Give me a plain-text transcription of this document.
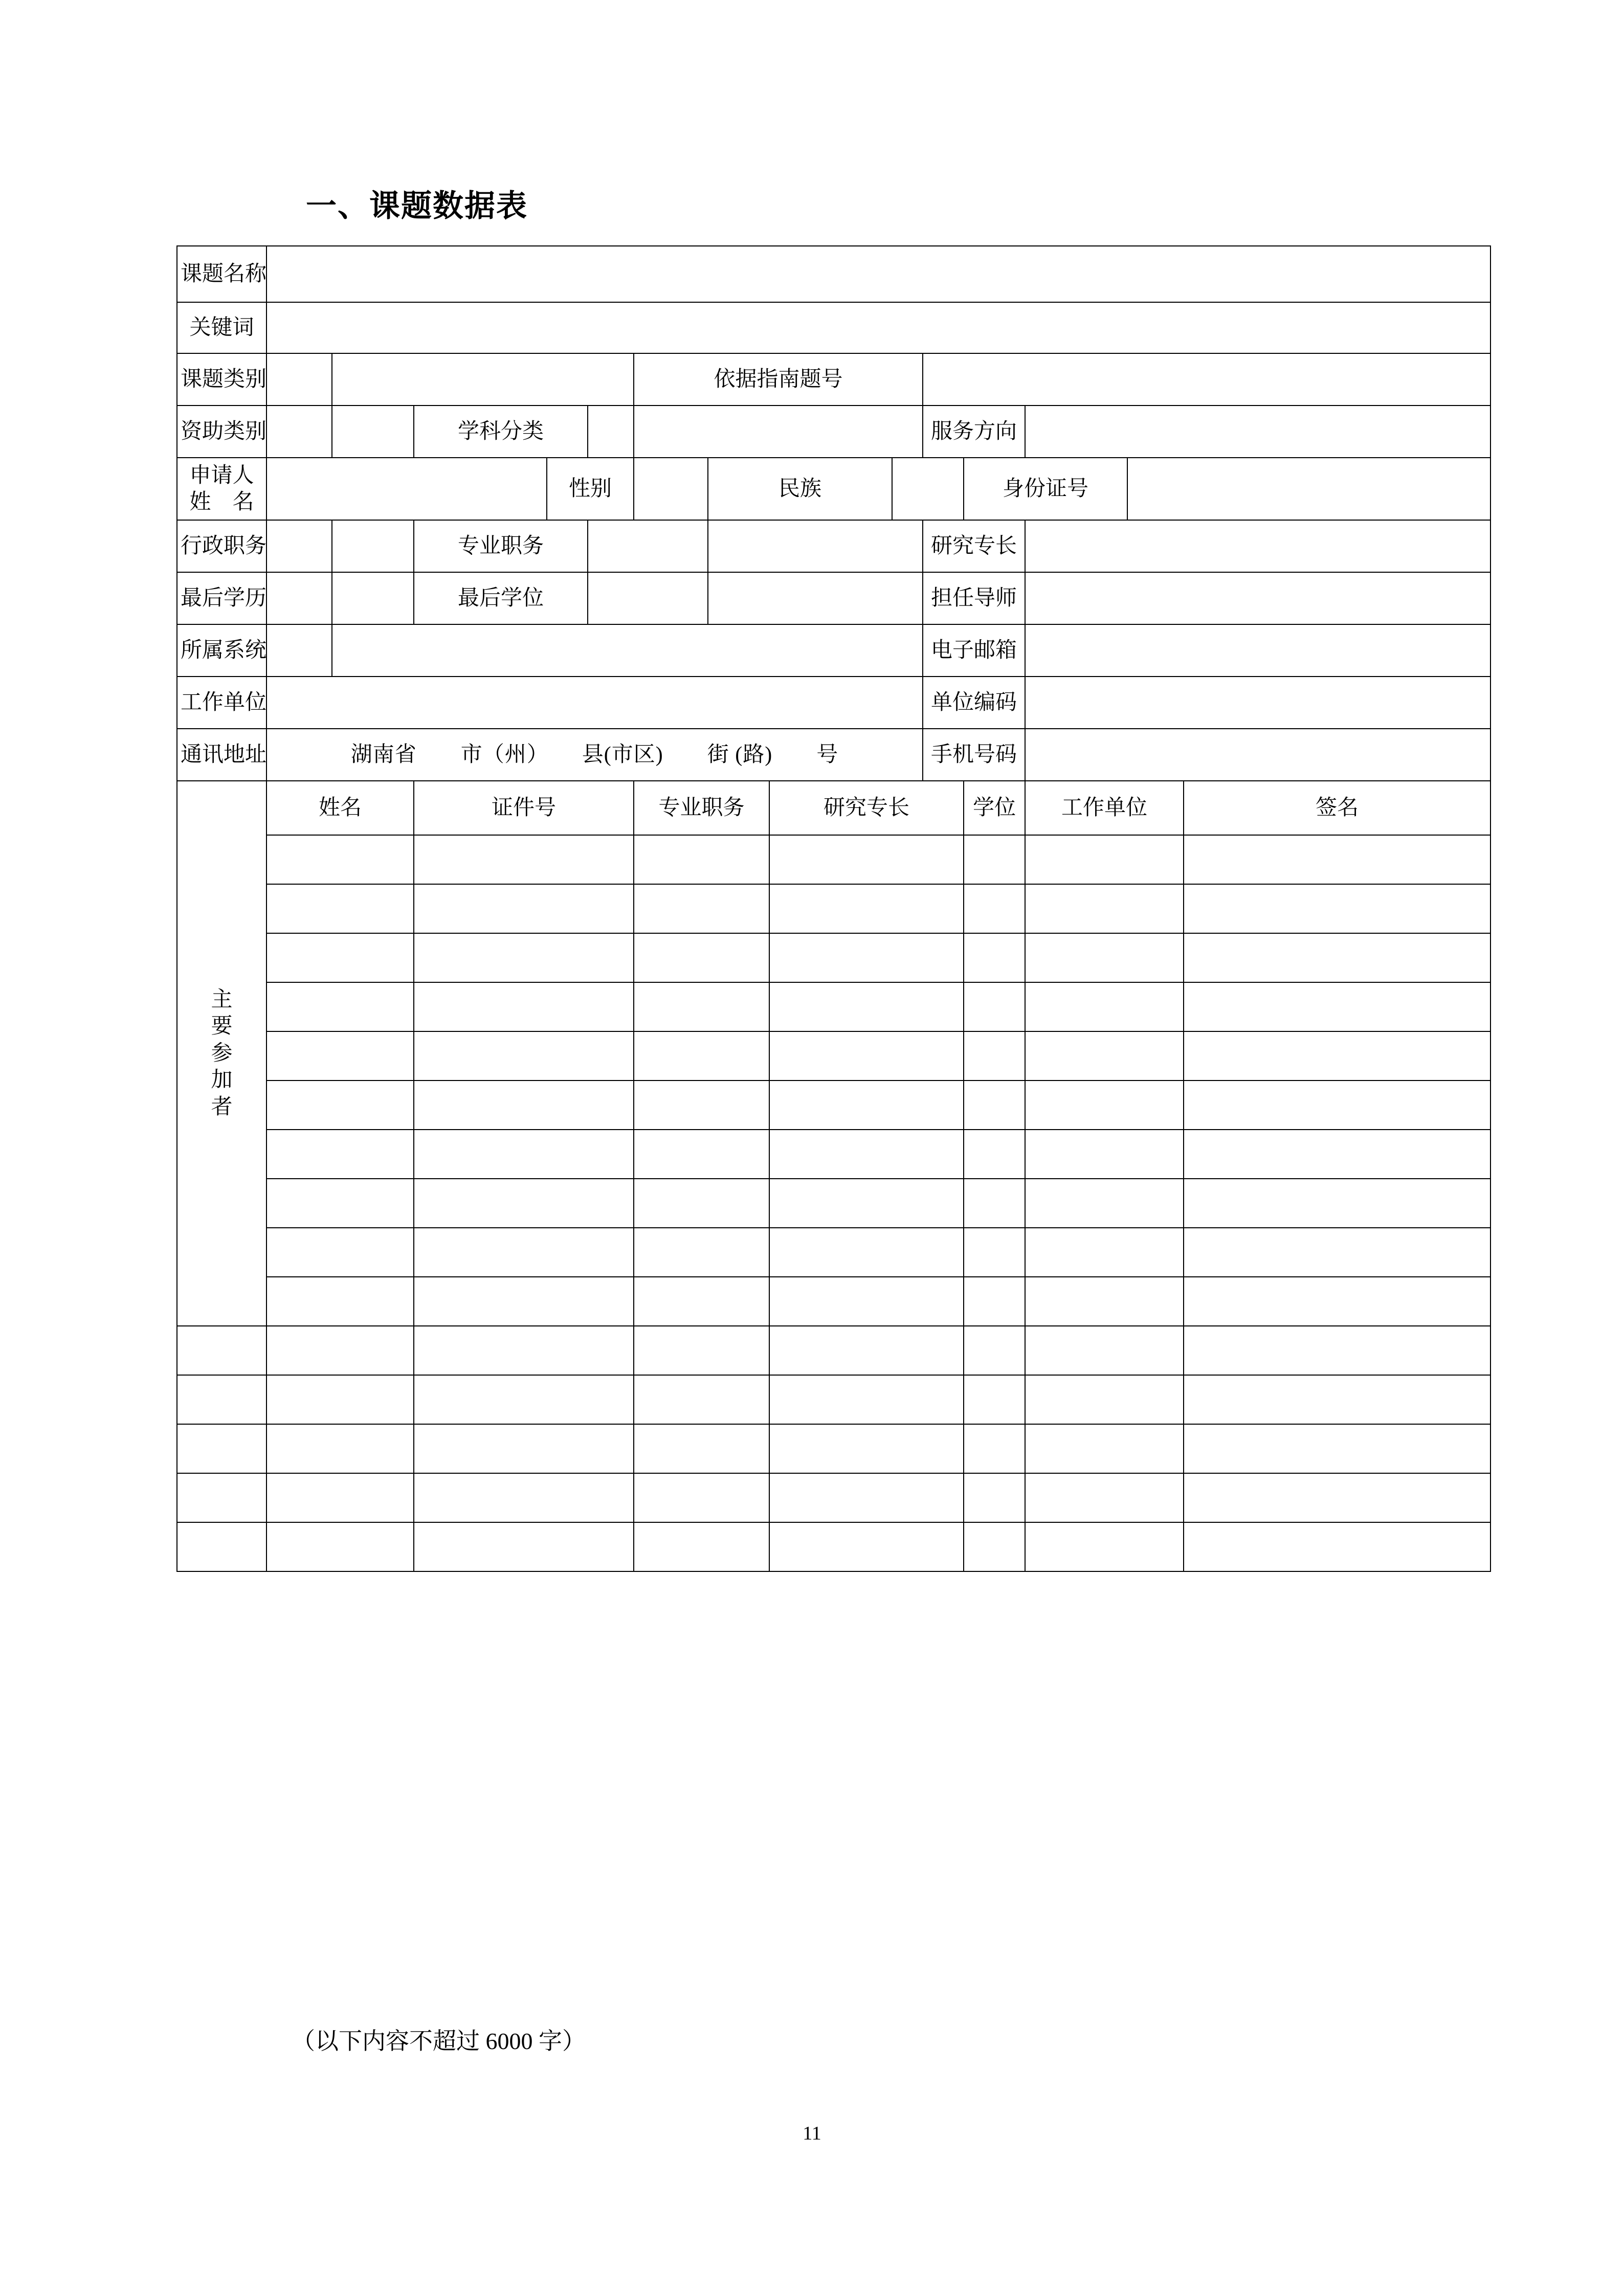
一、课题数据表
课题名称														
关键词														
课题类别						依据指南题号								
资助类别			学科分类							服务方向				

申请人
姓　名				性别			民族				身份证号			
行政职务			专业职务							研究专长				
最后学历			最后学位							担任导师				
所属系统										电子邮箱				
工作单位										单位编码				
通讯地址	湖南省　　市（州）　　县(市区)　　街 (路)　　号									手机号码				

主
要
参
加
者	姓名		证件号			专业职务		研究专长			学位	工作单位		签名

（以下内容不超过 6000 字）
11
